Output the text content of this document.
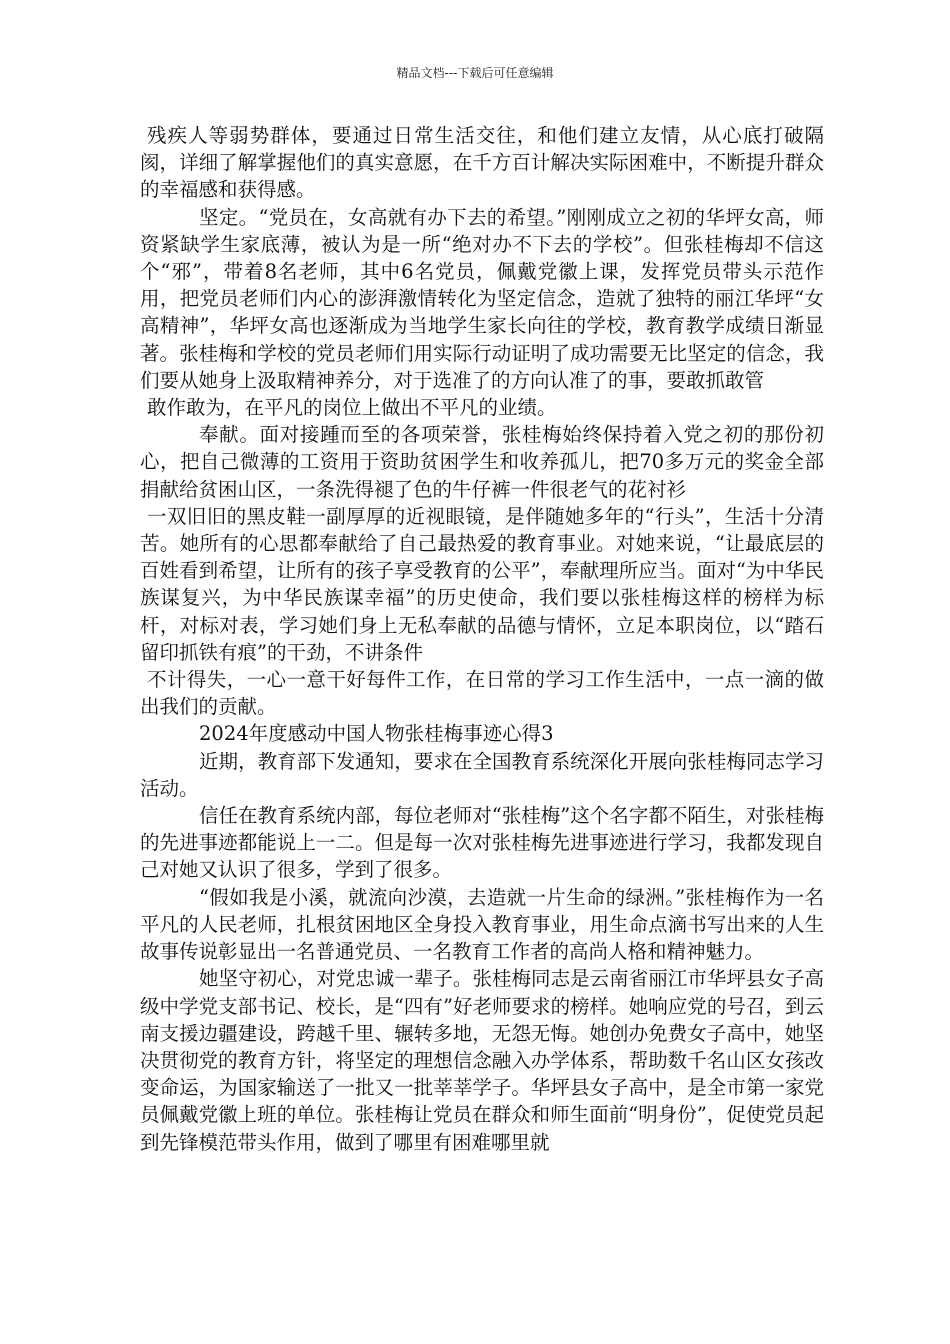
精品文档---下载后可任意编辑

残疾人等弱势群体，要通过日常生活交往，和他们建立友情，从心底打破隔阂，详细了解掌握他们的真实意愿，在千方百计解决实际困难中，不断提升群众的幸福感和获得感。

坚定。“党员在，女高就有办下去的希望。”刚刚成立之初的华坪女高，师资紧缺学生家底薄，被认为是一所“绝对办不下去的学校”。但张桂梅却不信这个“邪”，带着8名老师，其中6名党员，佩戴党徽上课，发挥党员带头示范作用，把党员老师们内心的澎湃激情转化为坚定信念，造就了独特的丽江华坪“女高精神”，华坪女高也逐渐成为当地学生家长向往的学校，教育教学成绩日渐显著。张桂梅和学校的党员老师们用实际行动证明了成功需要无比坚定的信念，我们要从她身上汲取精神养分，对于选准了的方向认准了的事，要敢抓敢管

敢作敢为，在平凡的岗位上做出不平凡的业绩。

奉献。面对接踵而至的各项荣誉，张桂梅始终保持着入党之初的那份初心，把自己微薄的工资用于资助贫困学生和收养孤儿，把70多万元的奖金全部捐献给贫困山区，一条洗得褪了色的牛仔裤一件很老气的花衬衫

一双旧旧的黑皮鞋一副厚厚的近视眼镜，是伴随她多年的“行头”，生活十分清苦。她所有的心思都奉献给了自己最热爱的教育事业。对她来说，“让最底层的百姓看到希望，让所有的孩子享受教育的公平”，奉献理所应当。面对“为中华民族谋复兴，为中华民族谋幸福”的历史使命，我们要以张桂梅这样的榜样为标杆，对标对表，学习她们身上无私奉献的品德与情怀，立足本职岗位，以“踏石留印抓铁有痕”的干劲，不讲条件

不计得失，一心一意干好每件工作，在日常的学习工作生活中，一点一滴的做出我们的贡献。

2024年度感动中国人物张桂梅事迹心得3

近期，教育部下发通知，要求在全国教育系统深化开展向张桂梅同志学习活动。

信任在教育系统内部，每位老师对“张桂梅”这个名字都不陌生，对张桂梅的先进事迹都能说上一二。但是每一次对张桂梅先进事迹进行学习，我都发现自己对她又认识了很多，学到了很多。

“假如我是小溪，就流向沙漠，去造就一片生命的绿洲。”张桂梅作为一名平凡的人民老师，扎根贫困地区全身投入教育事业，用生命点滴书写出来的人生故事传说彰显出一名普通党员、一名教育工作者的高尚人格和精神魅力。

她坚守初心，对党忠诚一辈子。张桂梅同志是云南省丽江市华坪县女子高级中学党支部书记、校长，是“四有”好老师要求的榜样。她响应党的号召，到云南支援边疆建设，跨越千里、辗转多地，无怨无悔。她创办免费女子高中，她坚决贯彻党的教育方针，将坚定的理想信念融入办学体系，帮助数千名山区女孩改变命运，为国家输送了一批又一批莘莘学子。华坪县女子高中，是全市第一家党员佩戴党徽上班的单位。张桂梅让党员在群众和师生面前“明身份”，促使党员起到先锋模范带头作用，做到了哪里有困难哪里就
